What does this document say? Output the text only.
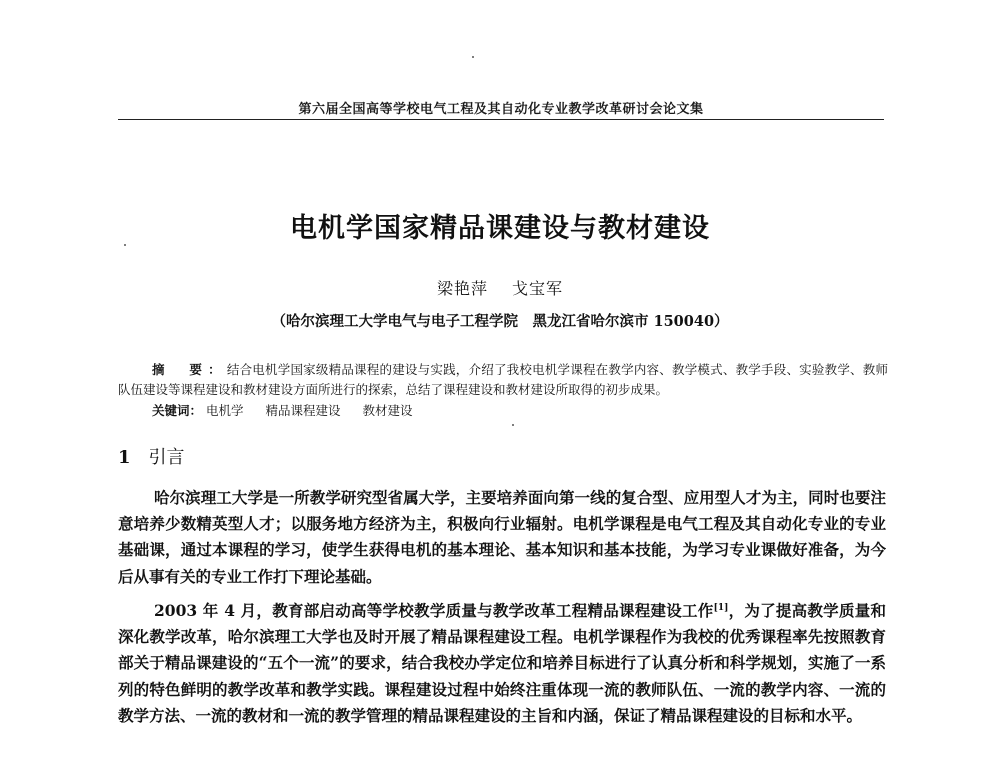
第六届全国高等学校电气工程及其自动化专业教学改革研讨会论文集
电机学国家精品课建设与教材建设
梁艳萍 戈宝军
（哈尔滨理工大学电气与电子工程学院　黑龙江省哈尔滨市 150040）
摘　要：结合电机学国家级精品课程的建设与实践，介绍了我校电机学课程在教学内容、教学模式、教学手段、实验教学、教师队伍建设等课程建设和教材建设方面所进行的探索，总结了课程建设和教材建设所取得的初步成果。
关键词： 电机学 精品课程建设 教材建设
1 引言
哈尔滨理工大学是一所教学研究型省属大学，主要培养面向第一线的复合型、应用型人才为主，同时也要注意培养少数精英型人才；以服务地方经济为主，积极向行业辐射。电机学课程是电气工程及其自动化专业的专业基础课，通过本课程的学习，使学生获得电机的基本理论、基本知识和基本技能，为学习专业课做好准备，为今后从事有关的专业工作打下理论基础。
2003 年 4 月，教育部启动高等学校教学质量与教学改革工程精品课程建设工作[1]，为了提高教学质量和深化教学改革，哈尔滨理工大学也及时开展了精品课程建设工程。电机学课程作为我校的优秀课程率先按照教育部关于精品课建设的“五个一流”的要求，结合我校办学定位和培养目标进行了认真分析和科学规划，实施了一系列的特色鲜明的教学改革和教学实践。课程建设过程中始终注重体现一流的教师队伍、一流的教学内容、一流的教学方法、一流的教材和一流的教学管理的精品课程建设的主旨和内涵，保证了精品课程建设的目标和水平。
